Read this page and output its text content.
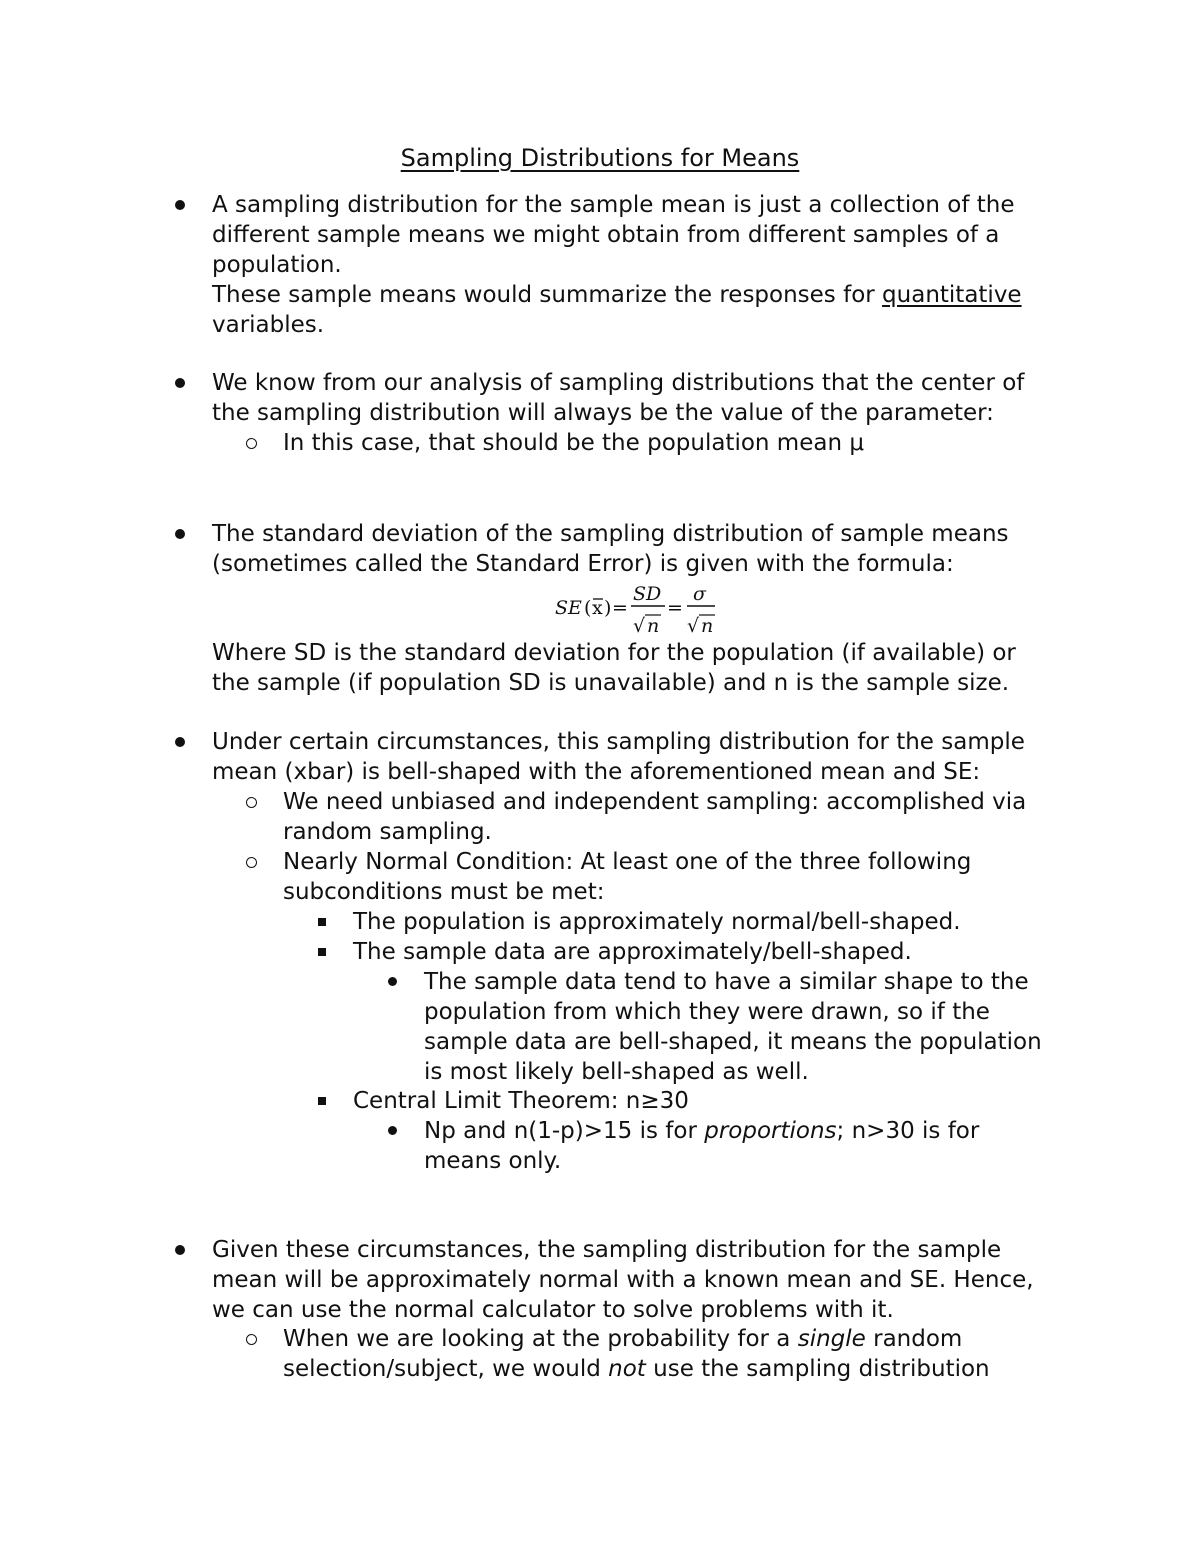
Sampling Distributions for Means
A sampling distribution for the sample mean is just a collection of the
different sample means we might obtain from different samples of a
population.
These sample means would summarize the responses for quantitative
variables.
We know from our analysis of sampling distributions that the center of
the sampling distribution will always be the value of the parameter:
In this case, that should be the population mean μ
The standard deviation of the sampling distribution of sample means
(sometimes called the Standard Error) is given with the formula:
SE ( x ) =
SD
√ n
=
σ
√ n
Where SD is the standard deviation for the population (if available) or
the sample (if population SD is unavailable) and n is the sample size.
Under certain circumstances, this sampling distribution for the sample
mean (xbar) is bell-shaped with the aforementioned mean and SE:
We need unbiased and independent sampling: accomplished via
random sampling.
Nearly Normal Condition: At least one of the three following
subconditions must be met:
The population is approximately normal/bell-shaped.
The sample data are approximately/bell-shaped.
The sample data tend to have a similar shape to the
population from which they were drawn, so if the
sample data are bell-shaped, it means the population
is most likely bell-shaped as well.
Central Limit Theorem: n≥30
Np and n(1-p)>15 is for proportions; n>30 is for
means only.
Given these circumstances, the sampling distribution for the sample
mean will be approximately normal with a known mean and SE. Hence,
we can use the normal calculator to solve problems with it.
When we are looking at the probability for a single random
selection/subject, we would not use the sampling distribution
